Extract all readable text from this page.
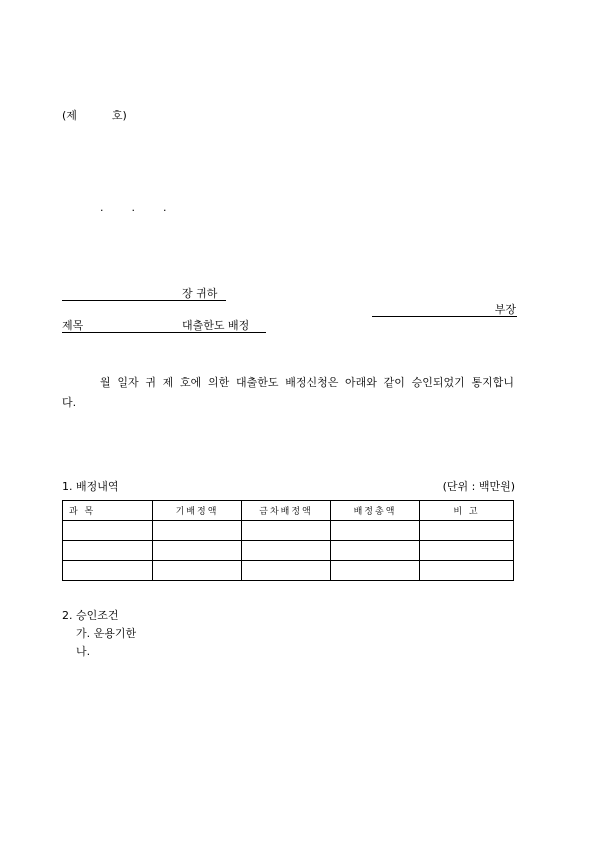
(제          호)
.        .        .
장 귀하
부장
제목	대출한도 배정

월 일자 귀 제 호에 의한 대출한도 배정신청은 아래와 같이 승인되었기 통지합니다.

1. 배정내역	(단위 : 백만원)
과 목	기배정액	금차배정액	배정총액	비 고

2. 승인조건
가. 운용기한
나.
